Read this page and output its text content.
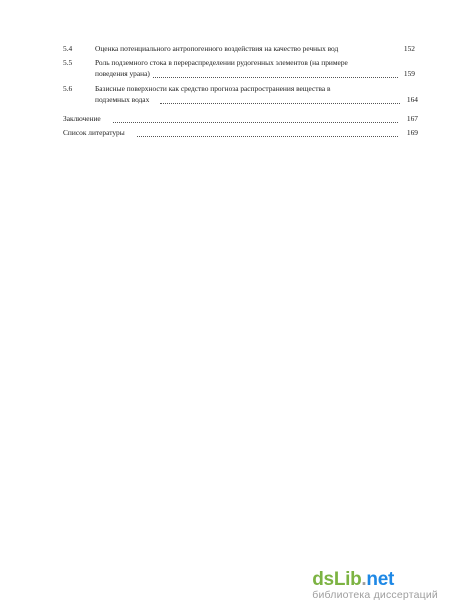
5.4	Оценка потенциального антропогенного воздействия на качество речных вод	152
5.5	Роль подземного стока в перераспределении рудогенных элементов (на примере
поведения урана)	159
5.6	Базисные поверхности как средство прогноза распространения вещества в
подземных водах	164
Заключение	167
Список литературы	169
dsLib.net
библиотека диссертаций
